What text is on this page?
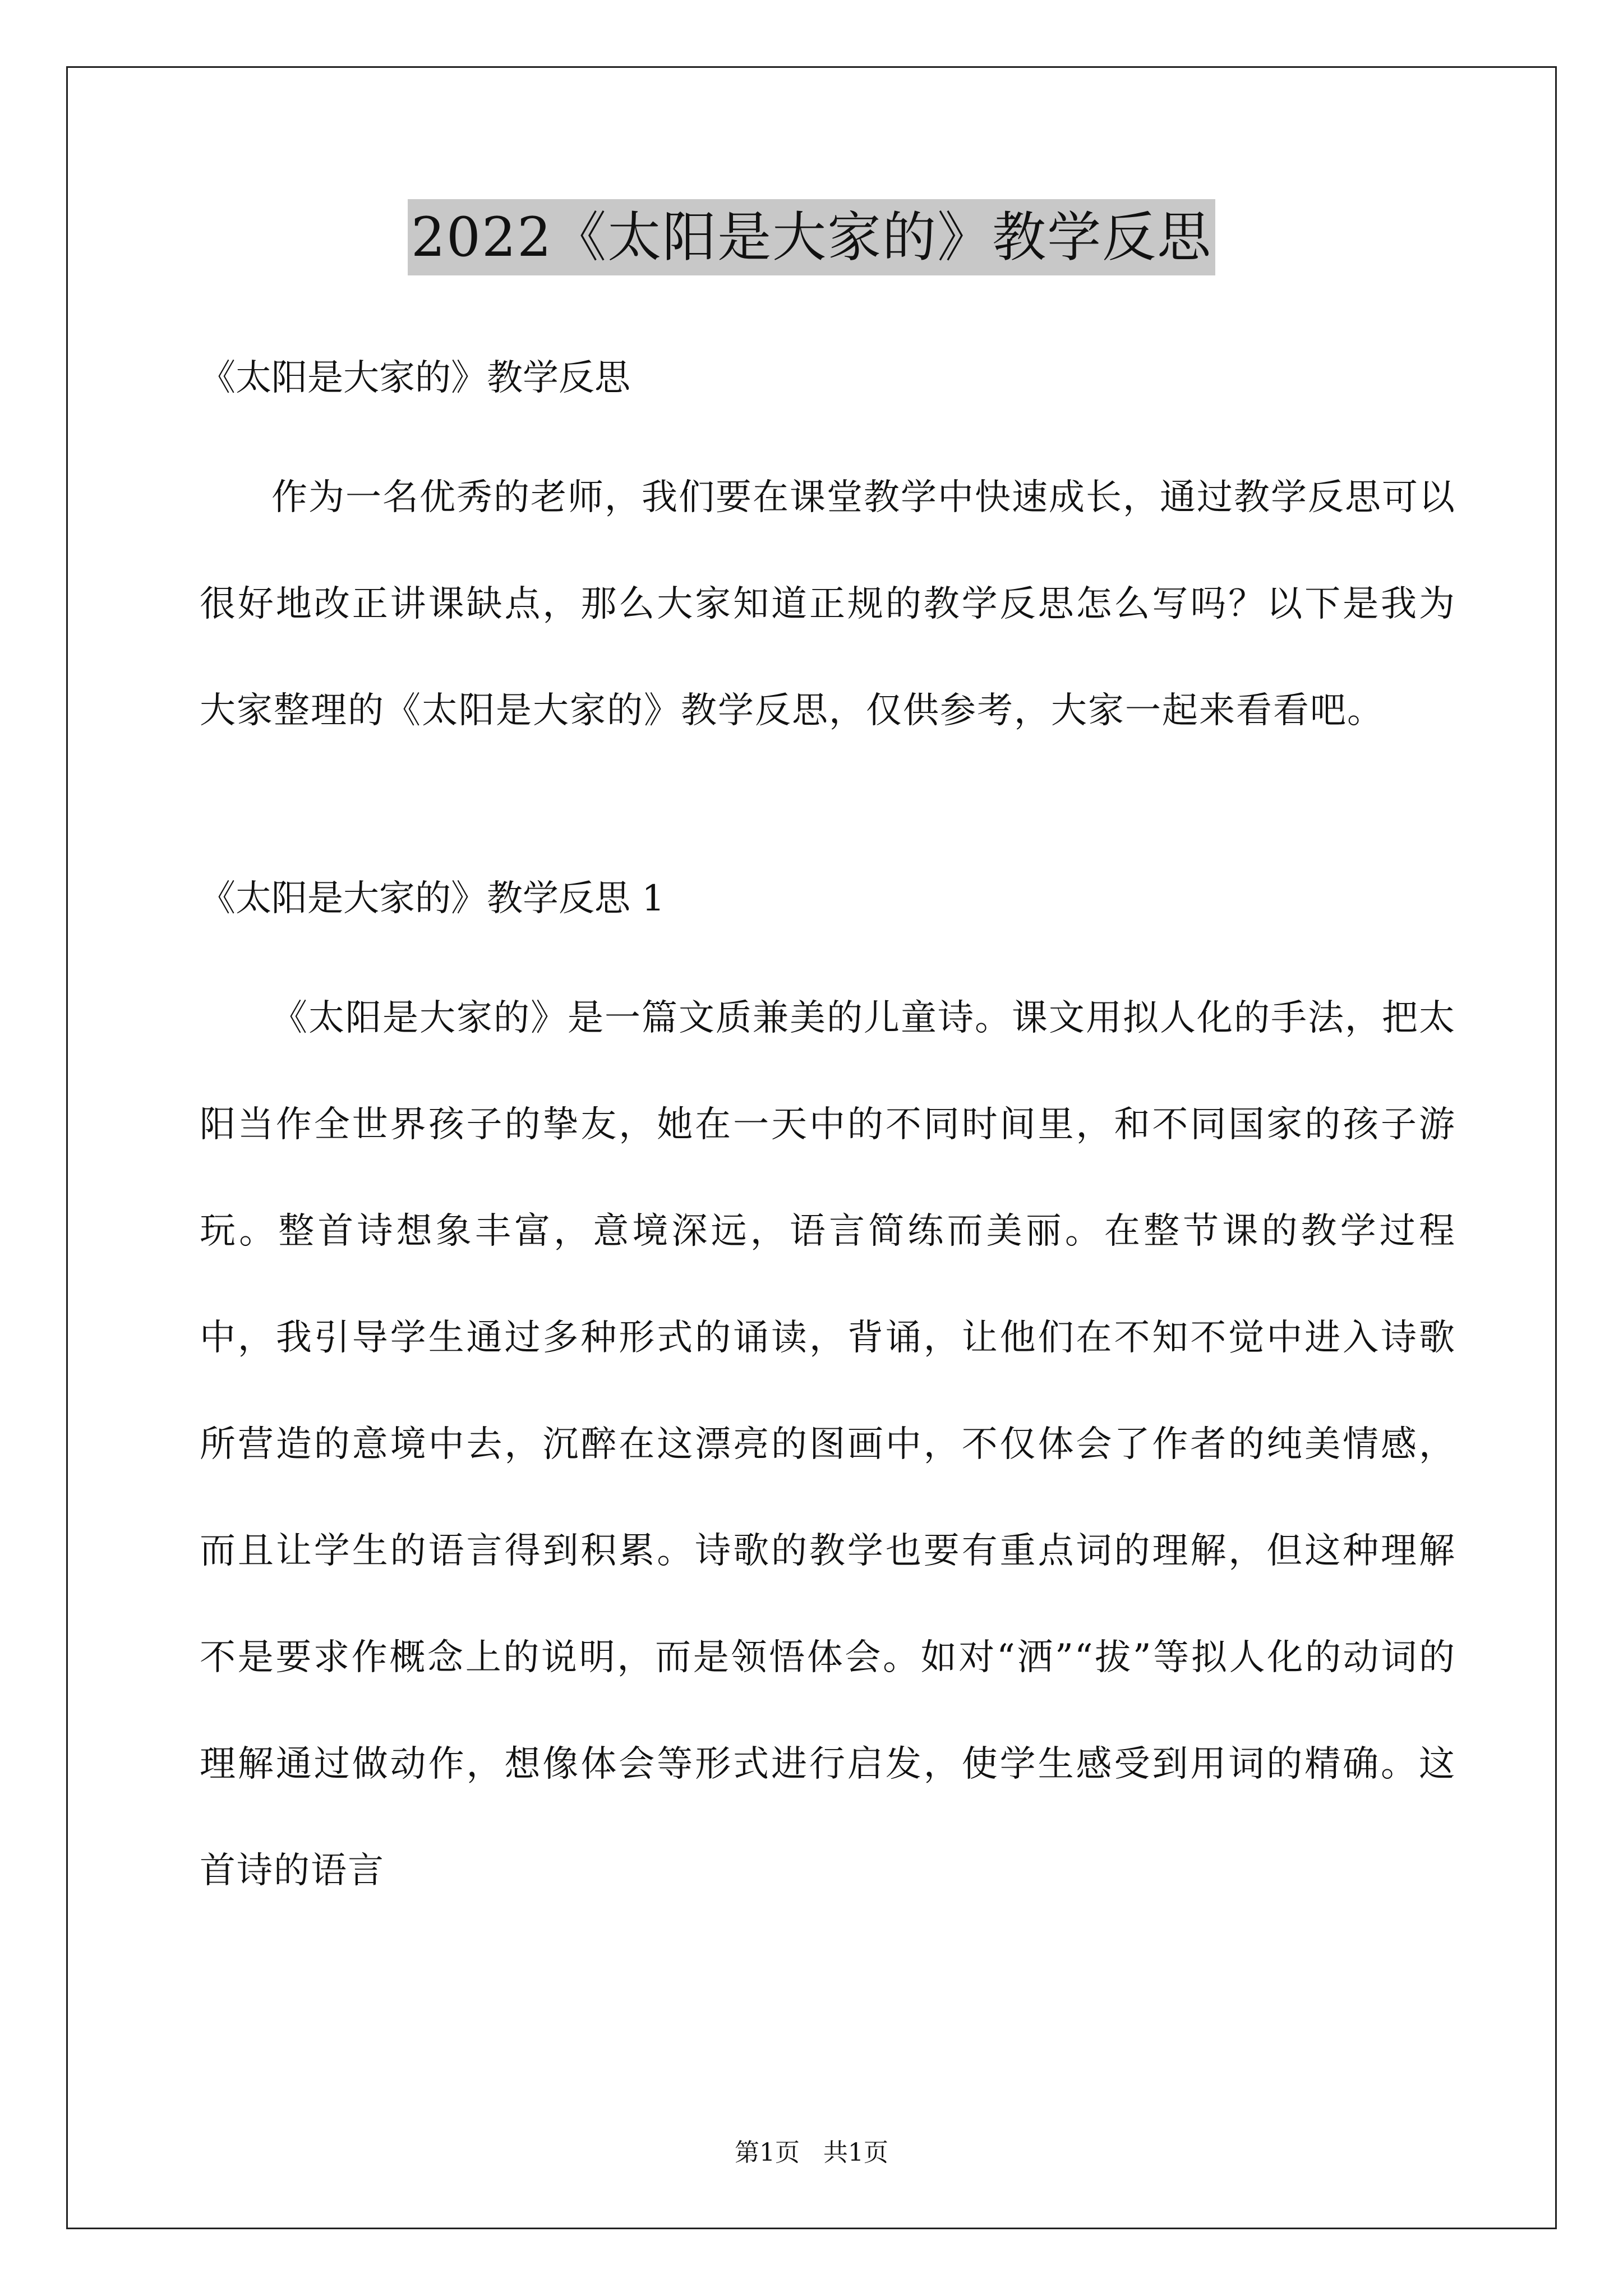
2022《太阳是大家的》教学反思

《太阳是大家的》教学反思

作为一名优秀的老师，我们要在课堂教学中快速成长，通过教学反思可以很好地改正讲课缺点，那么大家知道正规的教学反思怎么写吗？以下是我为大家整理的《太阳是大家的》教学反思，仅供参考，大家一起来看看吧。

《太阳是大家的》教学反思 1

《太阳是大家的》是一篇文质兼美的儿童诗。课文用拟人化的手法，把太阳当作全世界孩子的挚友，她在一天中的不同时间里，和不同国家的孩子游玩。整首诗想象丰富，意境深远，语言简练而美丽。在整节课的教学过程中，我引导学生通过多种形式的诵读，背诵，让他们在不知不觉中进入诗歌所营造的意境中去，沉醉在这漂亮的图画中，不仅体会了作者的纯美情感，而且让学生的语言得到积累。诗歌的教学也要有重点词的理解，但这种理解不是要求作概念上的说明，而是领悟体会。如对“洒”“拔”等拟人化的动词的理解通过做动作，想像体会等形式进行启发，使学生感受到用词的精确。这首诗的语言

第1页   共1页
